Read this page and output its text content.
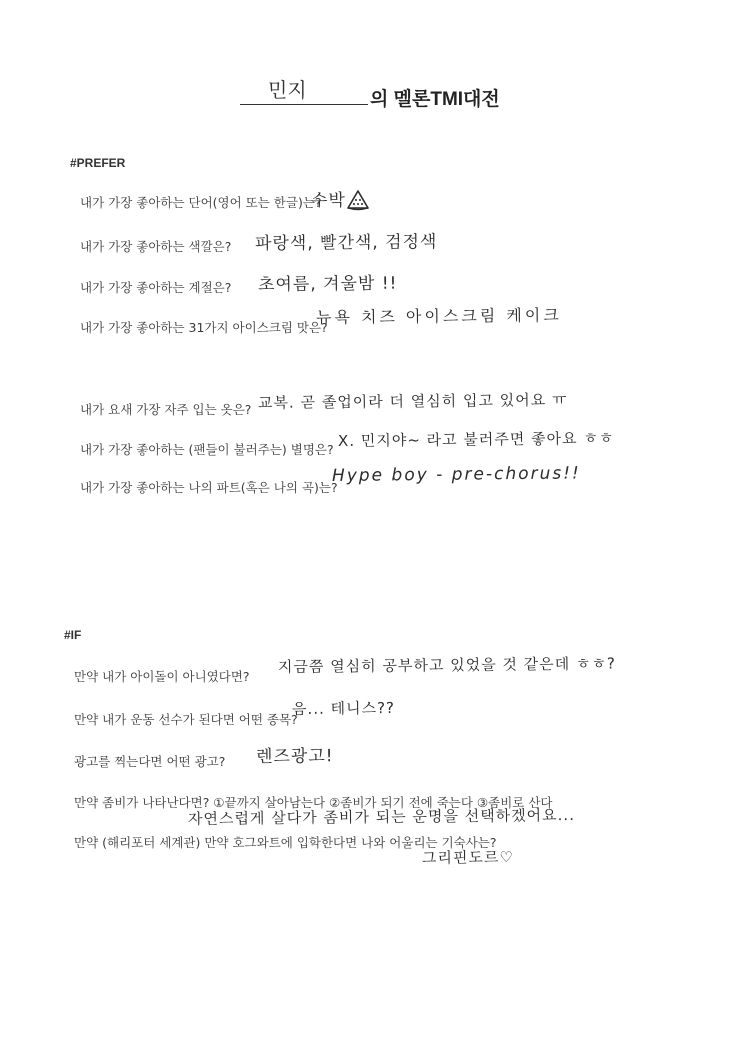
민지	의 멜론TMI대전
#PREFER
내가 가장 좋아하는 단어(영어 또는 한글)는?
수박
내가 가장 좋아하는 색깔은? 파랑색, 빨간색, 검정색
내가 가장 좋아하는 계절은? 초여름, 겨울밤 !!
내가 가장 좋아하는 31가지 아이스크림 맛은?
뉴욕 치즈 아이스크림 케이크
내가 요새 가장 자주 입는 옷은? 교복. 곧 졸업이라 더 열심히 입고 있어요 ㅠ
내가 가장 좋아하는 (팬들이 불러주는) 별명은? X. 민지야~ 라고 불러주면 좋아요 ㅎㅎ
내가 가장 좋아하는 나의 파트(혹은 나의 곡)는?
Hype boy - pre-chorus!!
#IF
만약 내가 아이돌이 아니였다면?
지금쯤 열심히 공부하고 있었을 것 같은데 ㅎㅎ?
만약 내가 운동 선수가 된다면 어떤 종목?
음... 테니스??
광고를 찍는다면 어떤 광고? 렌즈광고!
만약 좀비가 나타난다면? ①끝까지 살아남는다 ②좀비가 되기 전에 죽는다 ③좀비로 산다
자연스럽게 살다가 좀비가 되는 운명을 선택하겠어요...
만약 (해리포터 세계관) 만약 호그와트에 입학한다면 나와 어울리는 기숙사는?
그리핀도르♡
